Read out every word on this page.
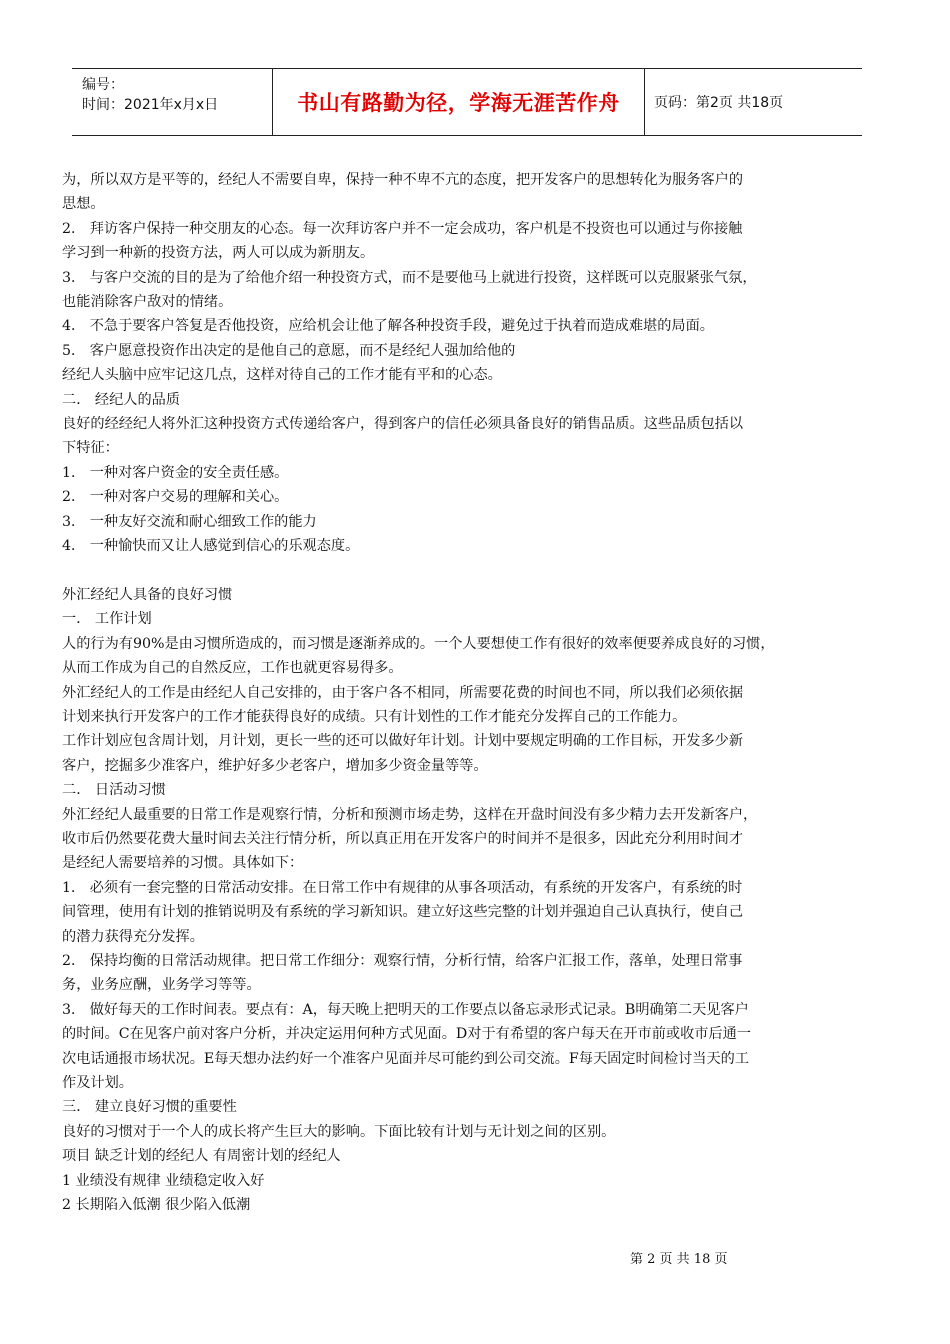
编号：
时间：2021年x月x日	书山有路勤为径，学海无涯苦作舟	页码：第2页 共18页

为，所以双方是平等的，经纪人不需要自卑，保持一种不卑不亢的态度，把开发客户的思想转化为服务客户的

思想。

2． 拜访客户保持一种交朋友的心态。每一次拜访客户并不一定会成功，客户机是不投资也可以通过与你接触

学习到一种新的投资方法，两人可以成为新朋友。

3． 与客户交流的目的是为了给他介绍一种投资方式，而不是要他马上就进行投资，这样既可以克服紧张气氛，

也能消除客户敌对的情绪。

4． 不急于要客户答复是否他投资，应给机会让他了解各种投资手段，避免过于执着而造成难堪的局面。

5． 客户愿意投资作出决定的是他自己的意愿，而不是经纪人强加给他的

经纪人头脑中应牢记这几点，这样对待自己的工作才能有平和的心态。

二． 经纪人的品质

良好的经经纪人将外汇这种投资方式传递给客户，得到客户的信任必须具备良好的销售品质。这些品质包括以

下特征：

1． 一种对客户资金的安全责任感。

2． 一种对客户交易的理解和关心。

3． 一种友好交流和耐心细致工作的能力

4． 一种愉快而又让人感觉到信心的乐观态度。

外汇经纪人具备的良好习惯

一． 工作计划

人的行为有90%是由习惯所造成的，而习惯是逐渐养成的。一个人要想使工作有很好的效率便要养成良好的习惯，

从而工作成为自己的自然反应，工作也就更容易得多。

外汇经纪人的工作是由经纪人自己安排的，由于客户各不相同，所需要花费的时间也不同，所以我们必须依据

计划来执行开发客户的工作才能获得良好的成绩。只有计划性的工作才能充分发挥自己的工作能力。

工作计划应包含周计划，月计划，更长一些的还可以做好年计划。计划中要规定明确的工作目标，开发多少新

客户，挖掘多少准客户，维护好多少老客户，增加多少资金量等等。

二． 日活动习惯

外汇经纪人最重要的日常工作是观察行情，分析和预测市场走势，这样在开盘时间没有多少精力去开发新客户，

收市后仍然要花费大量时间去关注行情分析，所以真正用在开发客户的时间并不是很多，因此充分利用时间才

是经纪人需要培养的习惯。具体如下：

1． 必须有一套完整的日常活动安排。在日常工作中有规律的从事各项活动，有系统的开发客户，有系统的时

间管理，使用有计划的推销说明及有系统的学习新知识。建立好这些完整的计划并强迫自己认真执行，使自己

的潜力获得充分发挥。

2． 保持均衡的日常活动规律。把日常工作细分：观察行情，分析行情，给客户汇报工作，落单，处理日常事

务，业务应酬，业务学习等等。

3． 做好每天的工作时间表。要点有：A，每天晚上把明天的工作要点以备忘录形式记录。B明确第二天见客户

的时间。C在见客户前对客户分析，并决定运用何种方式见面。D对于有希望的客户每天在开市前或收市后通一

次电话通报市场状况。E每天想办法约好一个准客户见面并尽可能约到公司交流。F每天固定时间检讨当天的工

作及计划。

三． 建立良好习惯的重要性

良好的习惯对于一个人的成长将产生巨大的影响。下面比较有计划与无计划之间的区别。

项目 缺乏计划的经纪人 有周密计划的经纪人

1 业绩没有规律 业绩稳定收入好

2 长期陷入低潮 很少陷入低潮

第 2 页 共 18 页
